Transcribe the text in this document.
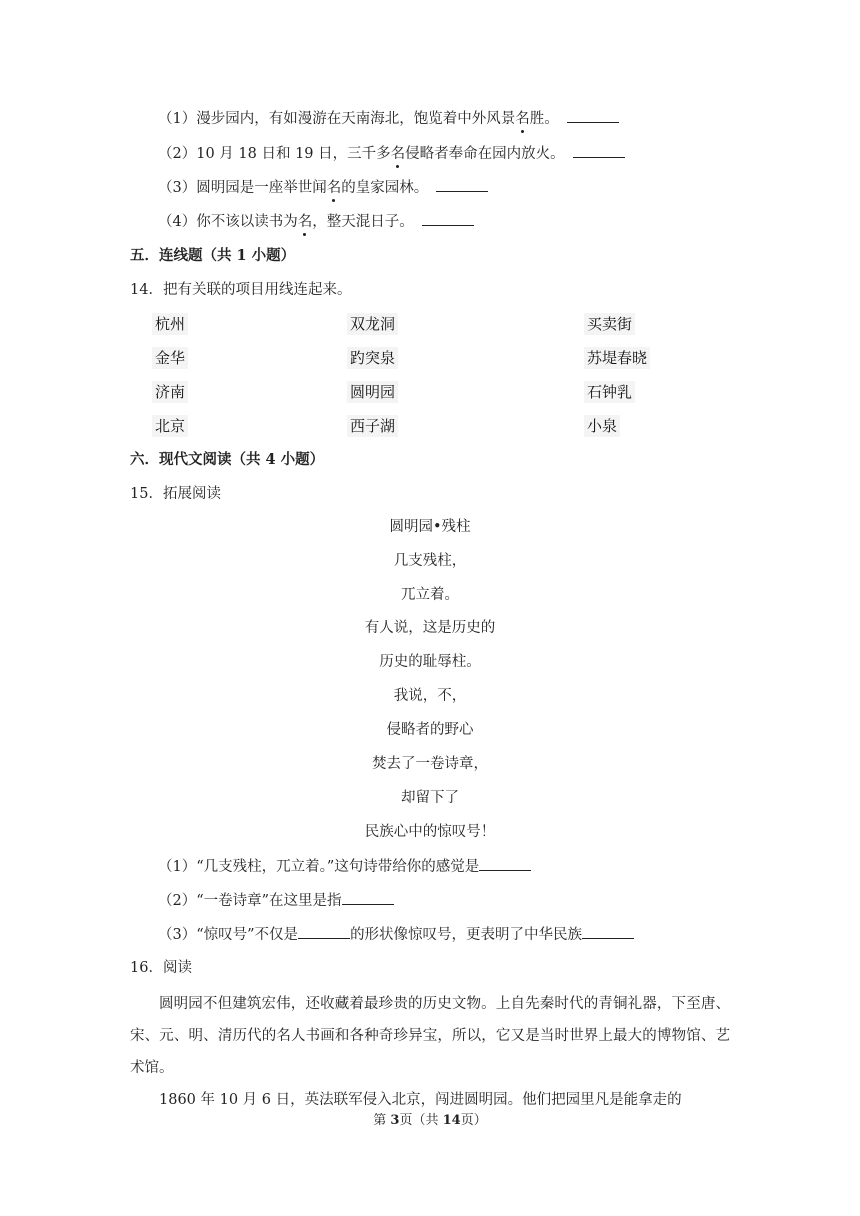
（1）漫步园内，有如漫游在天南海北，饱览着中外风景名胜。
（2）10 月 18 日和 19 日，三千多名侵略者奉命在园内放火。
（3）圆明园是一座举世闻名的皇家园林。
（4）你不该以读书为名，整天混日子。
五．连线题（共 1 小题）
14．把有关联的项目用线连起来。
杭州
金华
济南
北京
双龙洞
趵突泉
圆明园
西子湖
买卖街
苏堤春晓
石钟乳
小泉
六．现代文阅读（共 4 小题）
15．拓展阅读
圆明园•残柱
几支残柱，
兀立着。
有人说，这是历史的
历史的耻辱柱。
我说，不，
侵略者的野心
焚去了一卷诗章，
却留下了
民族心中的惊叹号！
（1）“几支残柱，兀立着。”这句诗带给你的感觉是
（2）“一卷诗章”在这里是指
（3）“惊叹号”不仅是	的形状像惊叹号，更表明了中华民族
16．阅读
圆明园不但建筑宏伟，还收藏着最珍贵的历史文物。上自先秦时代的青铜礼器，下至唐、宋、元、明、清历代的名人书画和各种奇珍异宝，所以，它又是当时世界上最大的博物馆、艺术馆。
1860 年 10 月 6 日，英法联军侵入北京，闯进圆明园。他们把园里凡是能拿走的
第 3页（共 14页）
